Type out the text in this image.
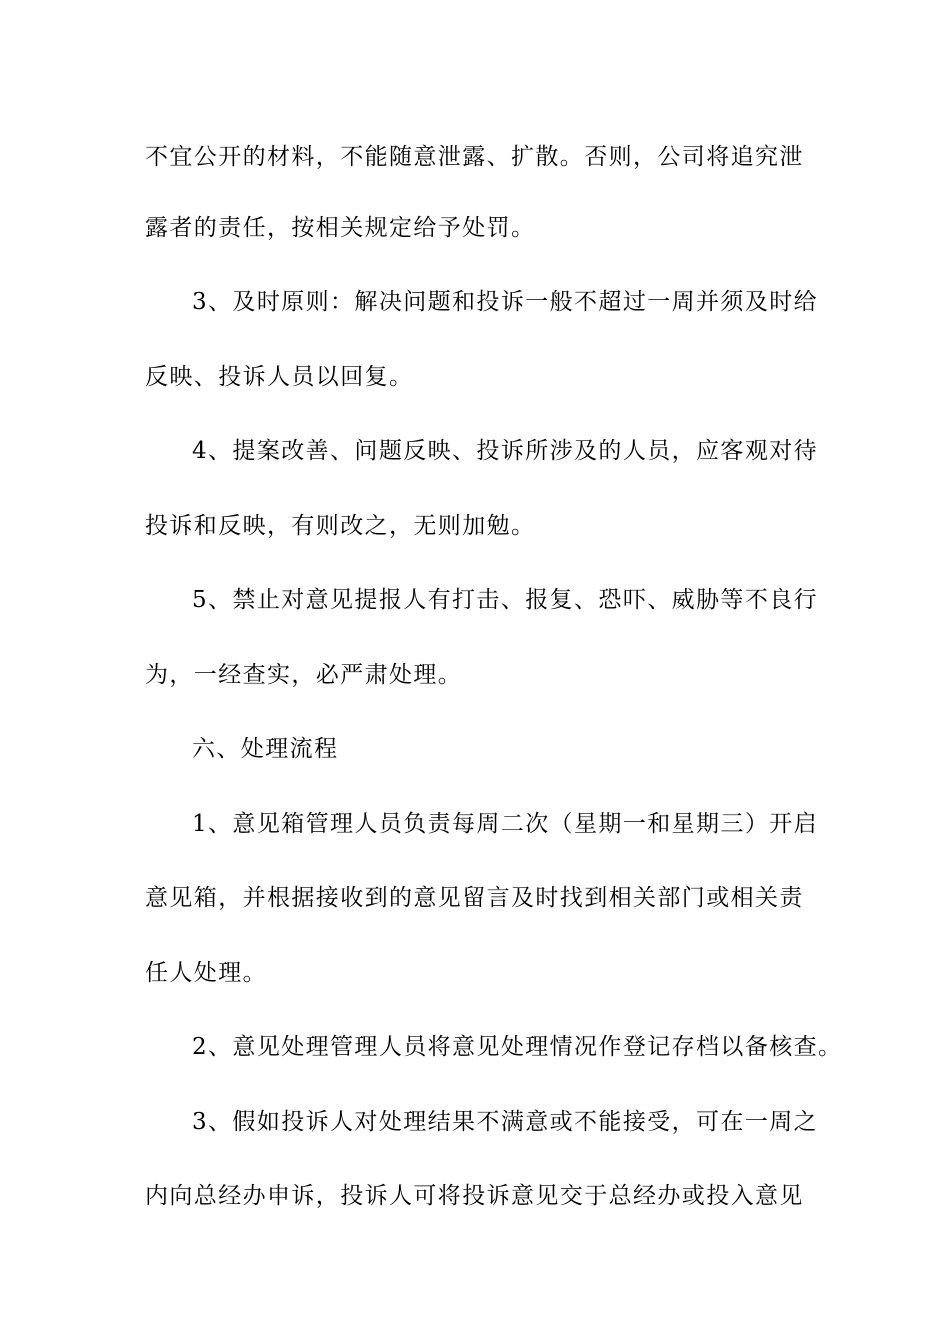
不宜公开的材料，不能随意泄露、扩散。否则，公司将追究泄
露者的责任，按相关规定给予处罚。
3、及时原则：解决问题和投诉一般不超过一周并须及时给
反映、投诉人员以回复。
4、提案改善、问题反映、投诉所涉及的人员，应客观对待
投诉和反映，有则改之，无则加勉。
5、禁止对意见提报人有打击、报复、恐吓、威胁等不良行
为，一经查实，必严肃处理。
六、处理流程
1、意见箱管理人员负责每周二次（星期一和星期三）开启
意见箱，并根据接收到的意见留言及时找到相关部门或相关责
任人处理。
2、意见处理管理人员将意见处理情况作登记存档以备核查。
3、假如投诉人对处理结果不满意或不能接受，可在一周之
内向总经办申诉，投诉人可将投诉意见交于总经办或投入意见
